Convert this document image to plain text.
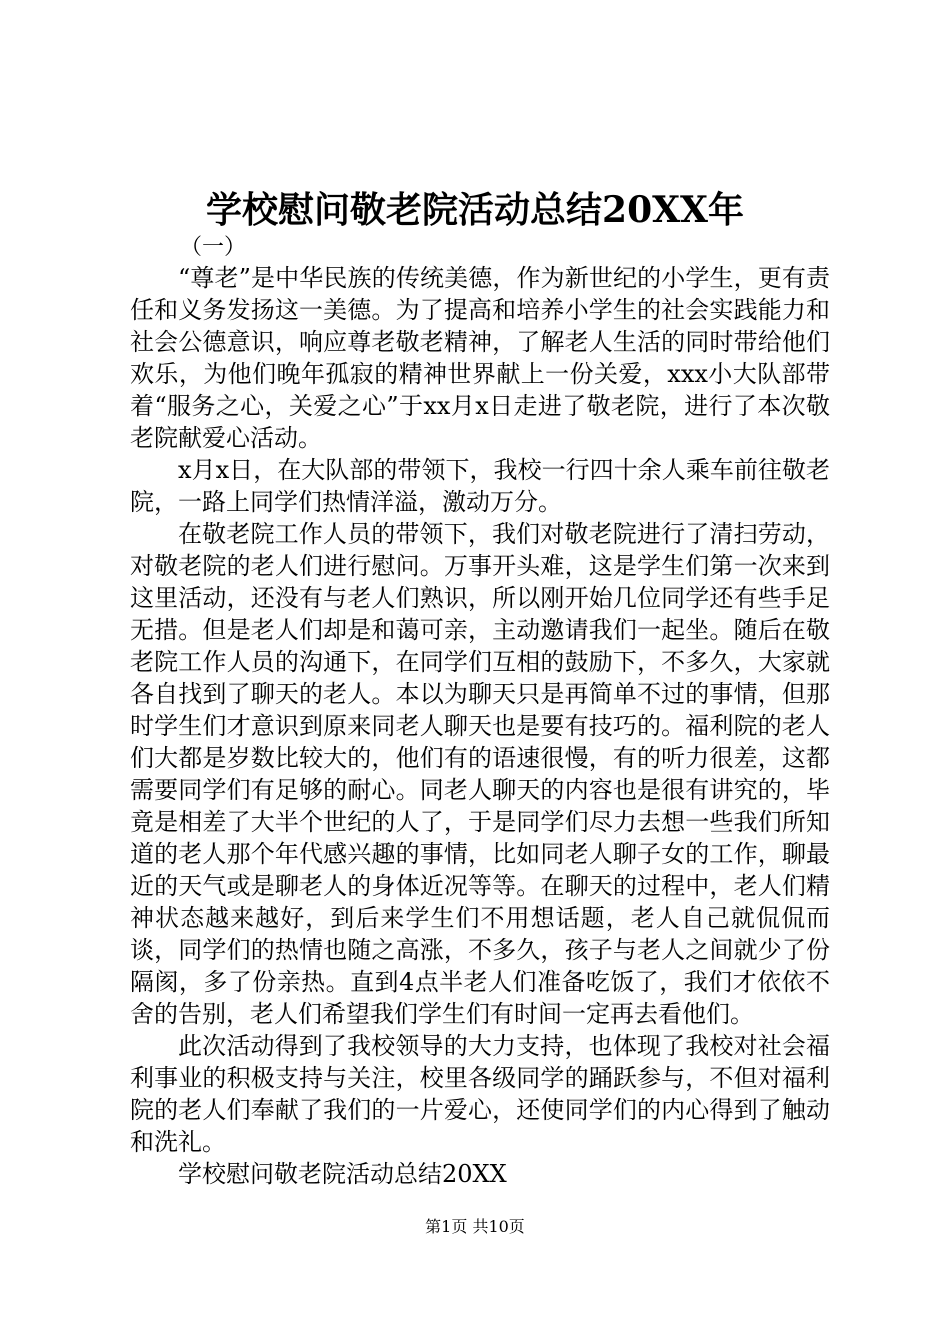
学校慰问敬老院活动总结20XX年
（一）

“尊老”是中华民族的传统美德，作为新世纪的小学生，更有责任和义务发扬这一美德。为了提高和培养小学生的社会实践能力和社会公德意识，响应尊老敬老精神，了解老人生活的同时带给他们欢乐，为他们晚年孤寂的精神世界献上一份关爱，xxx小大队部带着“服务之心，关爱之心”于xx月x日走进了敬老院，进行了本次敬老院献爱心活动。

x月x日，在大队部的带领下，我校一行四十余人乘车前往敬老院，一路上同学们热情洋溢，激动万分。

在敬老院工作人员的带领下，我们对敬老院进行了清扫劳动，对敬老院的老人们进行慰问。万事开头难，这是学生们第一次来到这里活动，还没有与老人们熟识，所以刚开始几位同学还有些手足无措。但是老人们却是和蔼可亲，主动邀请我们一起坐。随后在敬老院工作人员的沟通下，在同学们互相的鼓励下，不多久，大家就各自找到了聊天的老人。本以为聊天只是再简单不过的事情，但那时学生们才意识到原来同老人聊天也是要有技巧的。福利院的老人们大都是岁数比较大的，他们有的语速很慢，有的听力很差，这都需要同学们有足够的耐心。同老人聊天的内容也是很有讲究的，毕竟是相差了大半个世纪的人了，于是同学们尽力去想一些我们所知道的老人那个年代感兴趣的事情，比如同老人聊子女的工作，聊最近的天气或是聊老人的身体近况等等。在聊天的过程中，老人们精神状态越来越好，到后来学生们不用想话题，老人自己就侃侃而谈，同学们的热情也随之高涨，不多久，孩子与老人之间就少了份隔阂，多了份亲热。直到4点半老人们准备吃饭了，我们才依依不舍的告别，老人们希望我们学生们有时间一定再去看他们。

此次活动得到了我校领导的大力支持，也体现了我校对社会福利事业的积极支持与关注，校里各级同学的踊跃参与，不但对福利院的老人们奉献了我们的一片爱心，还使同学们的内心得到了触动和洗礼。

学校慰问敬老院活动总结20XX

第1页 共10页
